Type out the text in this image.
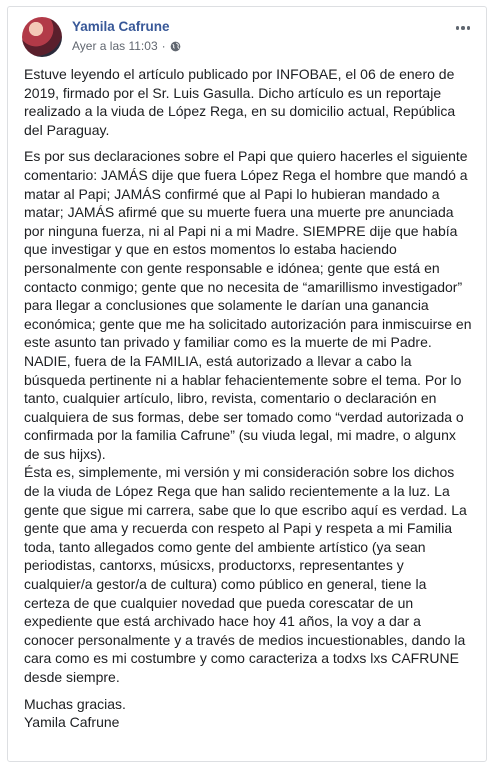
Yamila Cafrune
Ayer a las 11:03 ·

Estuve leyendo el artículo publicado por INFOBAE, el 06 de enero de 2019, firmado por el Sr. Luis Gasulla. Dicho artículo es un reportaje realizado a la viuda de López Rega, en su domicilio actual, República del Paraguay.

Es por sus declaraciones sobre el Papi que quiero hacerles el siguiente comentario: JAMÁS dije que fuera López Rega el hombre que mandó a matar al Papi; JAMÁS confirmé que al Papi lo hubieran mandado a matar; JAMÁS afirmé que su muerte fuera una muerte pre anunciada por ninguna fuerza, ni al Papi ni a mi Madre. SIEMPRE dije que había que investigar y que en estos momentos lo estaba haciendo personalmente con gente responsable e idónea; gente que está en contacto conmigo; gente que no necesita de “amarillismo investigador” para llegar a conclusiones que solamente le darían una ganancia económica; gente que me ha solicitado autorización para inmiscuirse en este asunto tan privado y familiar como es la muerte de mi Padre. NADIE, fuera de la FAMILIA, está autorizado a llevar a cabo la búsqueda pertinente ni a hablar fehacientemente sobre el tema. Por lo tanto, cualquier artículo, libro, revista, comentario o declaración en cualquiera de sus formas, debe ser tomado como “verdad autorizada o confirmada por la familia Cafrune” (su viuda legal, mi madre, o algunx de sus hijxs).

Ésta es, simplemente, mi versión y mi consideración sobre los dichos de la viuda de López Rega que han salido recientemente a la luz. La gente que sigue mi carrera, sabe que lo que escribo aquí es verdad. La gente que ama y recuerda con respeto al Papi y respeta a mi Familia toda, tanto allegados como gente del ambiente artístico (ya sean periodistas, cantorxs, músicxs, productorxs, representantes y cualquier/a gestor/a de cultura) como público en general, tiene la certeza de que cualquier novedad que pueda corescatar de un expediente que está archivado hace hoy 41 años, la voy a dar a conocer personalmente y a través de medios incuestionables, dando la cara como es mi costumbre y como caracteriza a todxs lxs CAFRUNE desde siempre.

Muchas gracias.

Yamila Cafrune
